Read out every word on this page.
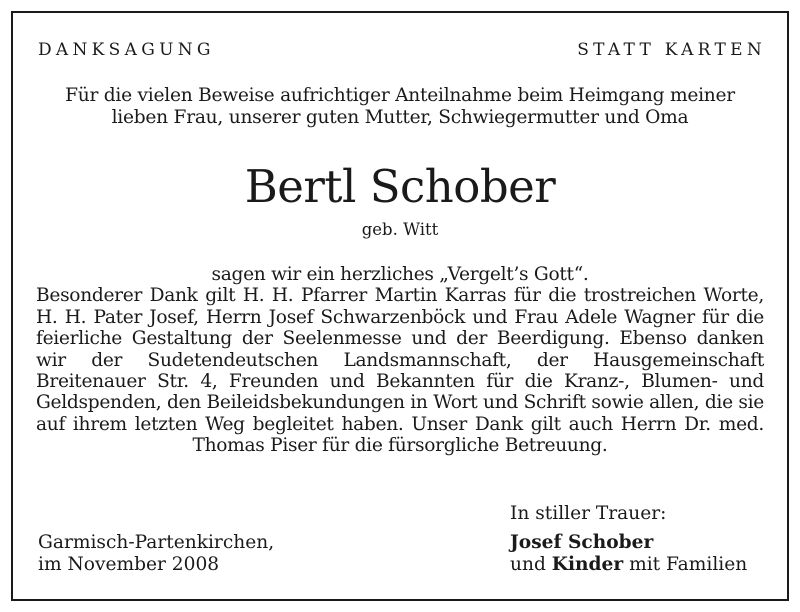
DANKSAGUNG	STATT KARTEN
Für die vielen Beweise aufrichtiger Anteilnahme beim Heimgang meiner
lieben Frau, unserer guten Mutter, Schwiegermutter und Oma
Bertl Schober
geb. Witt

sagen wir ein herzliches „Vergelt’s Gott“.

Besonderer Dank gilt H. H. Pfarrer Martin Karras für die trostreichen Worte, H. H. Pater Josef, Herrn Josef Schwarzenböck und Frau Adele Wagner für die feierliche Gestaltung der Seelenmesse und der Beerdigung. Ebenso danken wir der Sudetendeutschen Landsmannschaft, der Hausgemeinschaft Breitenauer Str. 4, Freunden und Bekannten für die Kranz-, Blumen- und Geldspenden, den Beileidsbekundungen in Wort und Schrift sowie allen, die sie auf ihrem letzten Weg begleitet haben. Unser Dank gilt auch Herrn Dr. med. Thomas Piser für die fürsorgliche Betreuung.

In stiller Trauer:
Garmisch-Partenkirchen,
im November 2008
Josef Schober
und Kinder mit Familien
